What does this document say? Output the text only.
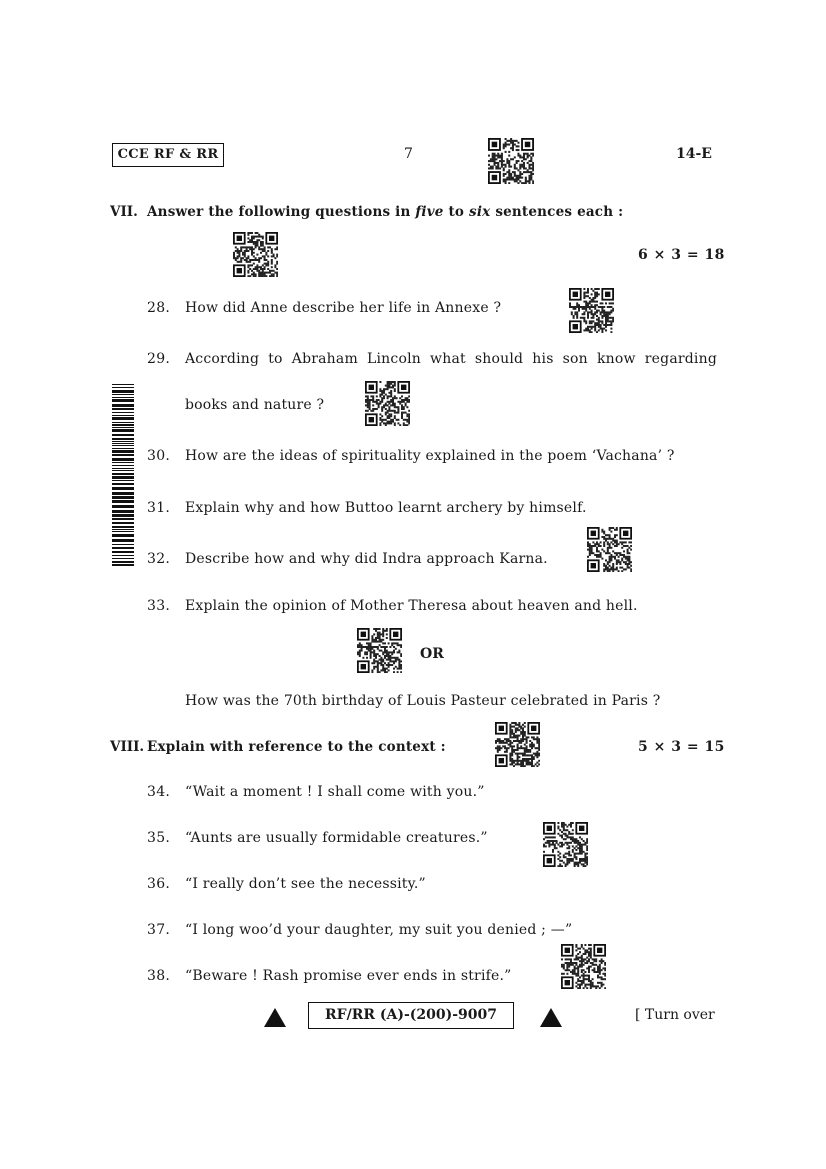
CCE RF & RR	7	14-E
VII. Answer the following questions in five to six sentences each :
6 × 3 = 18
28. How did Anne describe her life in Annexe ?
29. According to Abraham Lincoln what should his son know regarding
books and nature ?
30. How are the ideas of spirituality explained in the poem ‘Vachana’ ?
31. Explain why and how Buttoo learnt archery by himself.
32. Describe how and why did Indra approach Karna.
33. Explain the opinion of Mother Theresa about heaven and hell.
OR
How was the 70th birthday of Louis Pasteur celebrated in Paris ?
VIII. Explain with reference to the context :	5 × 3 = 15
34. “Wait a moment ! I shall come with you.”
35. “Aunts are usually formidable creatures.”
36. “I really don’t see the necessity.”
37. “I long woo’d your daughter, my suit you denied ; —”
38. “Beware ! Rash promise ever ends in strife.”
RF/RR (A)-(200)-9007	[ Turn over
